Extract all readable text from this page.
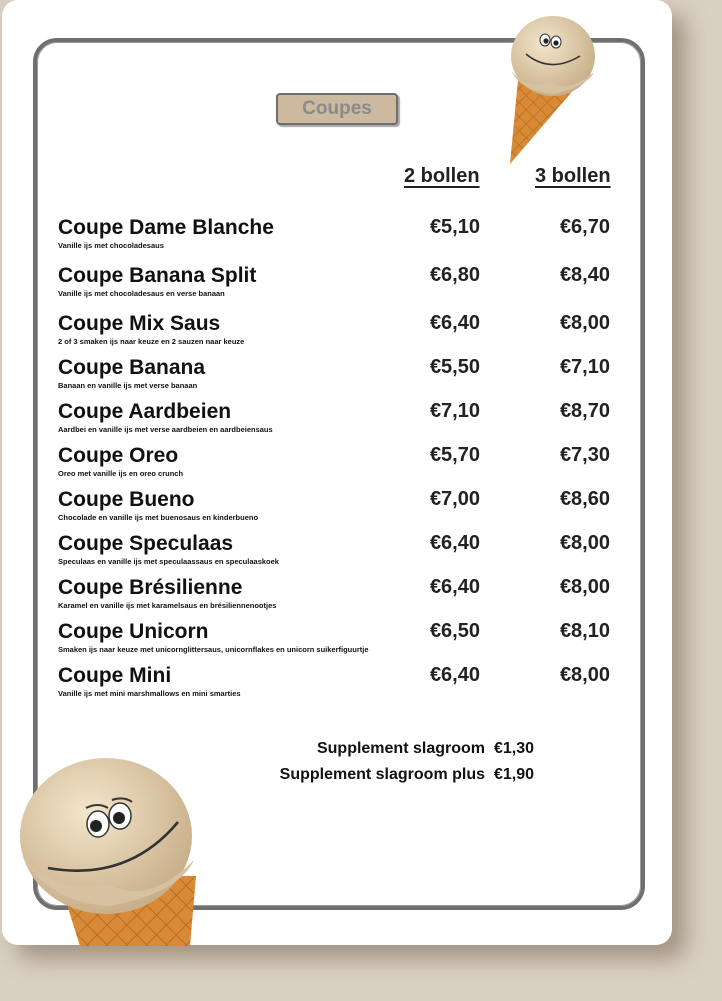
Coupes
2 bollen	3 bollen
Coupe Dame Blanche
Vanille ijs met chocoladesaus
€5,10	€6,70
Coupe Banana Split
Vanille ijs met chocoladesaus en verse banaan
€6,80	€8,40
Coupe Mix Saus
2 of 3 smaken ijs naar keuze en 2 sauzen naar keuze
€6,40	€8,00
Coupe Banana
Banaan en vanille ijs met verse banaan
€5,50	€7,10
Coupe Aardbeien
Aardbei en vanille ijs met verse aardbeien en aardbeiensaus
€7,10	€8,70
Coupe Oreo
Oreo met vanille ijs en oreo crunch
€5,70	€7,30
Coupe Bueno
Chocolade en vanille ijs met buenosaus en kinderbueno
€7,00	€8,60
Coupe Speculaas
Speculaas en vanille ijs met speculaassaus en speculaaskoek
€6,40	€8,00
Coupe Brésilienne
Karamel en vanille ijs met karamelsaus en brésiliennenootjes
€6,40	€8,00
Coupe Unicorn
Smaken ijs naar keuze met unicornglittersaus, unicornflakes en unicorn suikerfiguurtje
€6,50	€8,10
Coupe Mini
Vanille ijs met mini marshmallows en mini smarties
€6,40	€8,00
Supplement slagroom €1,30
Supplement slagroom plus €1,90
